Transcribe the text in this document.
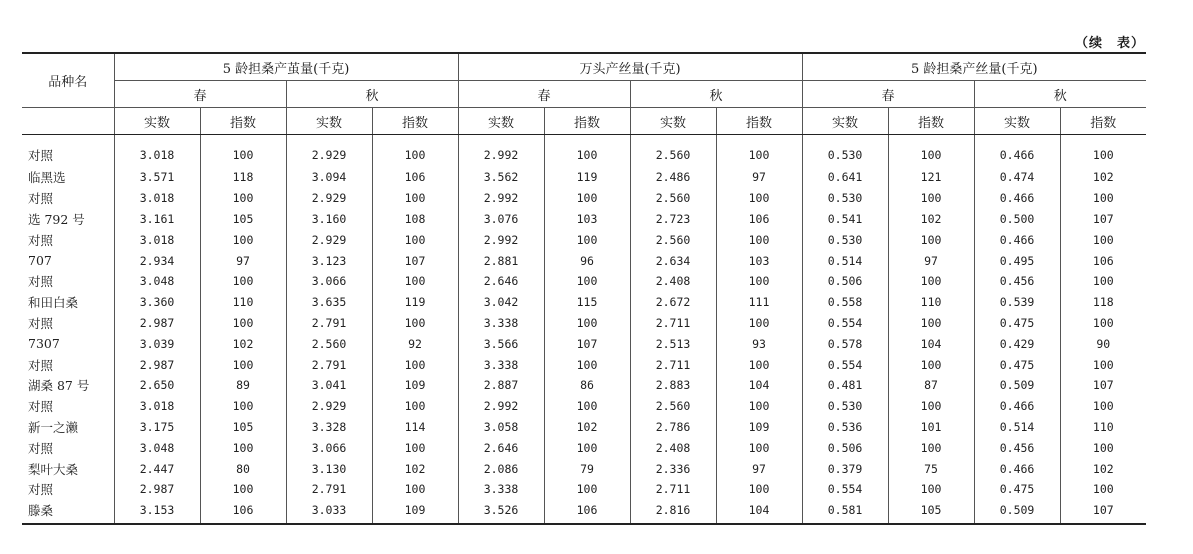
（续　表）
品种名	5 龄担桑产茧量(千克)				万头产丝量(千克)				5 龄担桑产丝量(千克)			
	春		秋		春		秋		春		秋	
	实数	指数	实数	指数	实数	指数	实数	指数	实数	指数	实数	指数
对照	3.018	100	2.929	100	2.992	100	2.560	100	0.530	100	0.466	100
临黑选	3.571	118	3.094	106	3.562	119	2.486	97	0.641	121	0.474	102
对照	3.018	100	2.929	100	2.992	100	2.560	100	0.530	100	0.466	100
选 792 号	3.161	105	3.160	108	3.076	103	2.723	106	0.541	102	0.500	107
对照	3.018	100	2.929	100	2.992	100	2.560	100	0.530	100	0.466	100
707	2.934	97	3.123	107	2.881	96	2.634	103	0.514	97	0.495	106
对照	3.048	100	3.066	100	2.646	100	2.408	100	0.506	100	0.456	100
和田白桑	3.360	110	3.635	119	3.042	115	2.672	111	0.558	110	0.539	118
对照	2.987	100	2.791	100	3.338	100	2.711	100	0.554	100	0.475	100
7307	3.039	102	2.560	92	3.566	107	2.513	93	0.578	104	0.429	90
对照	2.987	100	2.791	100	3.338	100	2.711	100	0.554	100	0.475	100
湖桑 87 号	2.650	89	3.041	109	2.887	86	2.883	104	0.481	87	0.509	107
对照	3.018	100	2.929	100	2.992	100	2.560	100	0.530	100	0.466	100
新一之濑	3.175	105	3.328	114	3.058	102	2.786	109	0.536	101	0.514	110
对照	3.048	100	3.066	100	2.646	100	2.408	100	0.506	100	0.456	100
梨叶大桑	2.447	80	3.130	102	2.086	79	2.336	97	0.379	75	0.466	102
对照	2.987	100	2.791	100	3.338	100	2.711	100	0.554	100	0.475	100
滕桑	3.153	106	3.033	109	3.526	106	2.816	104	0.581	105	0.509	107
